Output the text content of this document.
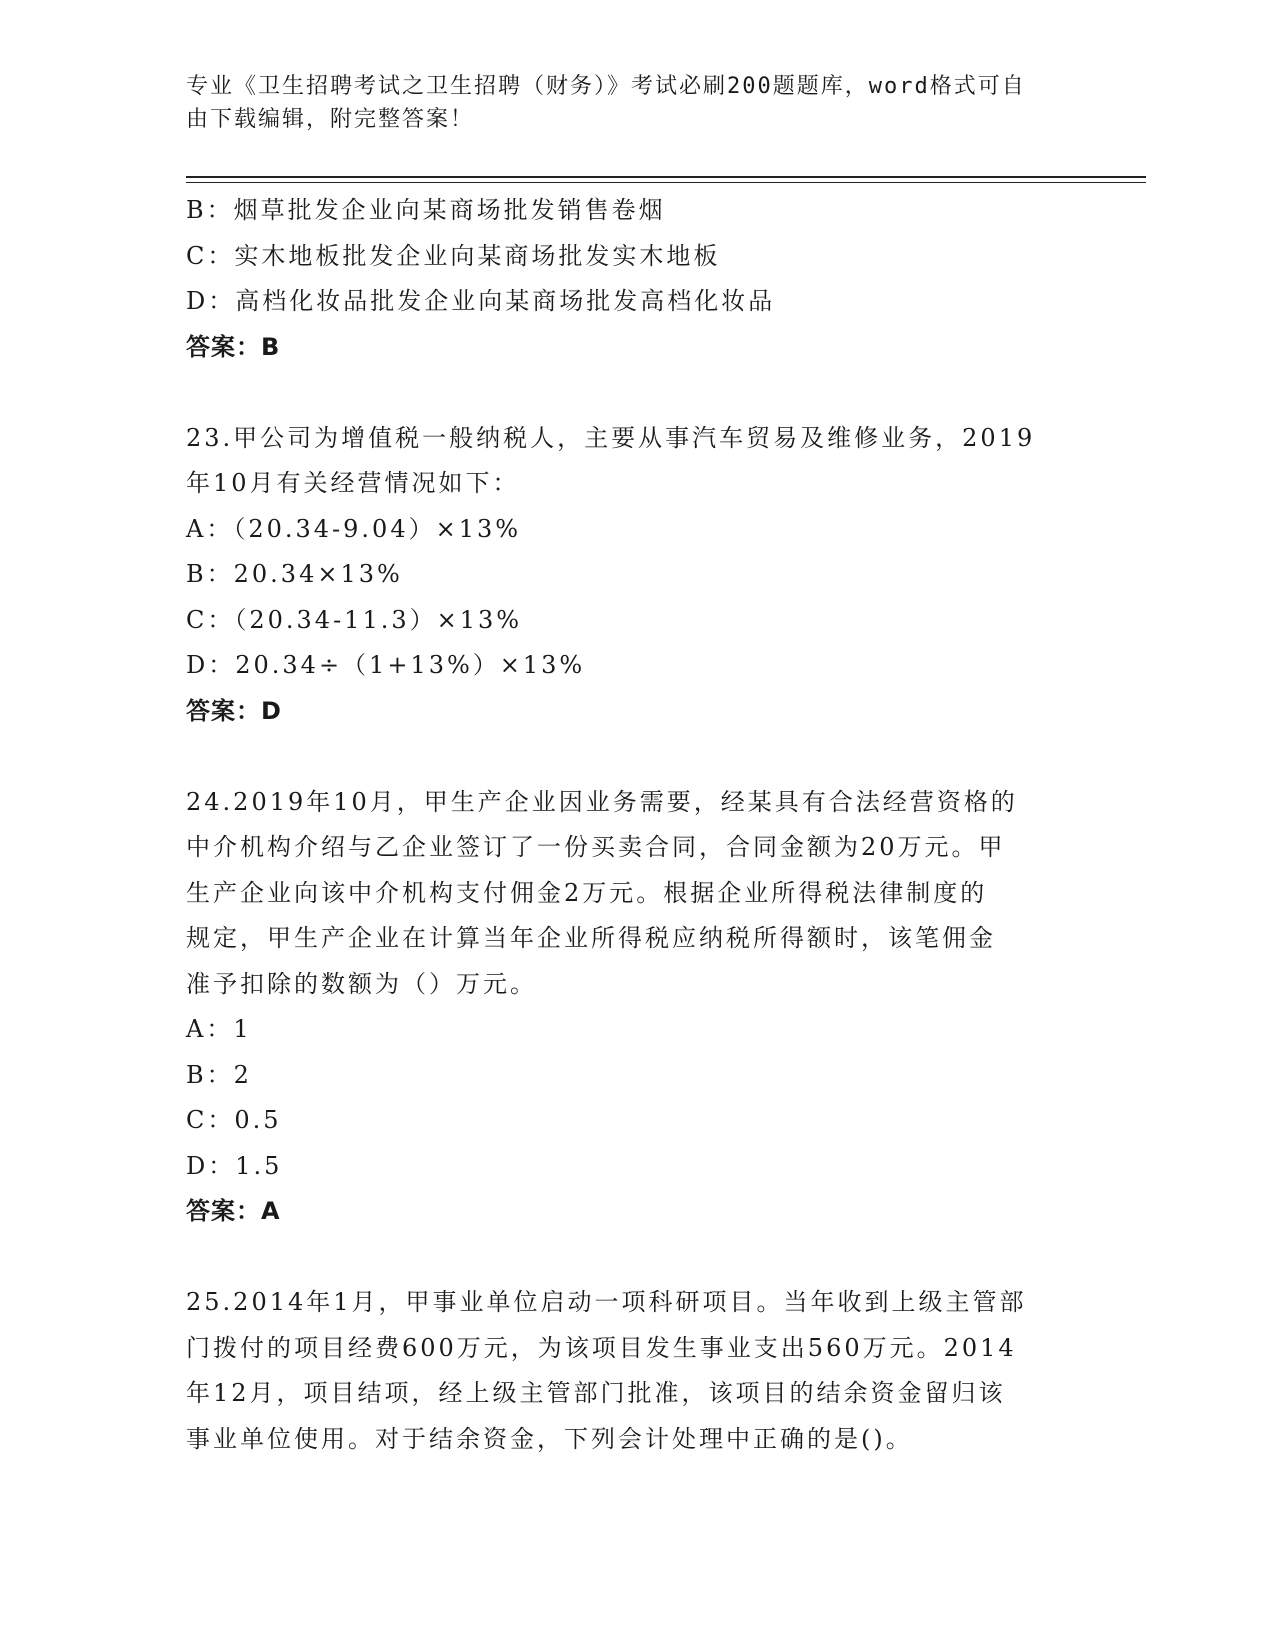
专业《卫生招聘考试之卫生招聘（财务）》考试必刷200题题库，word格式可自
由下载编辑，附完整答案！
B：烟草批发企业向某商场批发销售卷烟
C：实木地板批发企业向某商场批发实木地板
D：高档化妆品批发企业向某商场批发高档化妆品
答案：B
23.甲公司为增值税一般纳税人，主要从事汽车贸易及维修业务，2019
年10月有关经营情况如下：
A：（20.34-9.04）×13%
B：20.34×13%
C：（20.34-11.3）×13%
D：20.34÷（1+13%）×13%
答案：D
24.2019年10月，甲生产企业因业务需要，经某具有合法经营资格的
中介机构介绍与乙企业签订了一份买卖合同，合同金额为20万元。甲
生产企业向该中介机构支付佣金2万元。根据企业所得税法律制度的
规定，甲生产企业在计算当年企业所得税应纳税所得额时，该笔佣金
准予扣除的数额为（）万元。
A：1
B：2
C：0.5
D：1.5
答案：A
25.2014年1月，甲事业单位启动一项科研项目。当年收到上级主管部
门拨付的项目经费600万元，为该项目发生事业支出560万元。2014
年12月，项目结项，经上级主管部门批准，该项目的结余资金留归该
事业单位使用。对于结余资金，下列会计处理中正确的是()。
